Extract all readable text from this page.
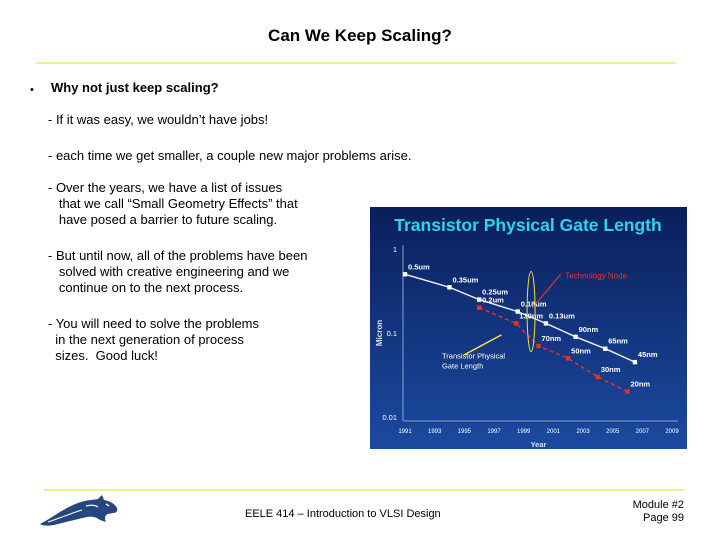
Can We Keep Scaling?
• Why not just keep scaling?
- If it was easy, we wouldn’t have jobs!
- each time we get smaller, a couple new major problems arise.
- Over the years, we have a list of issues
that we call “Small Geometry Effects” that
have posed a barrier to future scaling.
- But until now, all of the problems have been
solved with creative engineering and we
continue on to the next process.
- You will need to solve the problems
in the next generation of process
sizes.  Good luck!
Transistor Physical Gate Length
1
0.1
0.01
1991	1993	1995	1997	1999	2001	2003	2005	2007	2009
Year
Micron
0.5um
0.35um
0.25um
0.18um
0.13um
90nm
65nm
45nm
0.2um
130nm
70nm
50nm
30nm
20nm
Technology Node
Transistor Physical
Gate Length
EELE 414 – Introduction to VLSI Design
Module #2
Page 99
